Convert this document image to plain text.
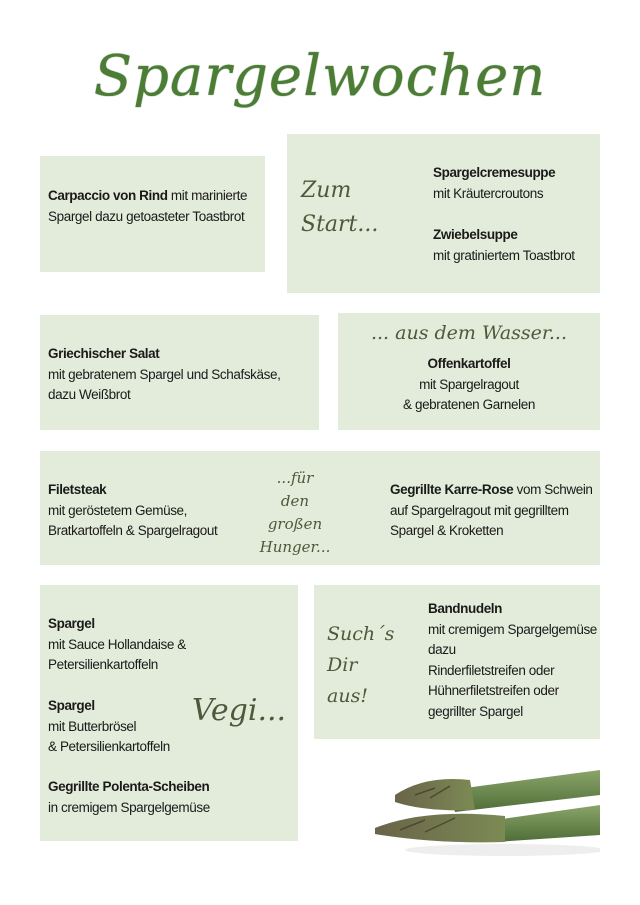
Spargelwochen
Carpaccio von Rind mit marinierte
Spargel dazu getoasteter Toastbrot
Zum
Start...
Spargelcremesuppe
mit Kräutercroutons
Zwiebelsuppe
mit gratiniertem Toastbrot
Griechischer Salat
mit gebratenem Spargel und Schafskäse,
dazu Weißbrot
... aus dem Wasser...
Offenkartoffel
mit Spargelragout
& gebratenen Garnelen
Filetsteak
mit geröstetem Gemüse,
Bratkartoffeln & Spargelragout
...für
den
großen
Hunger...
Gegrillte Karre-Rose vom Schwein
auf Spargelragout mit gegrilltem
Spargel & Kroketten
Spargel
mit Sauce Hollandaise &
Petersilienkartoffeln
Spargel
mit Butterbrösel
& Petersilienkartoffeln
Gegrillte Polenta-Scheiben
in cremigem Spargelgemüse
Vegi...
Such´s
Dir
aus!
Bandnudeln
mit cremigem Spargelgemüse
dazu
Rinderfiletstreifen oder
Hühnerfiletstreifen oder
gegrillter Spargel
